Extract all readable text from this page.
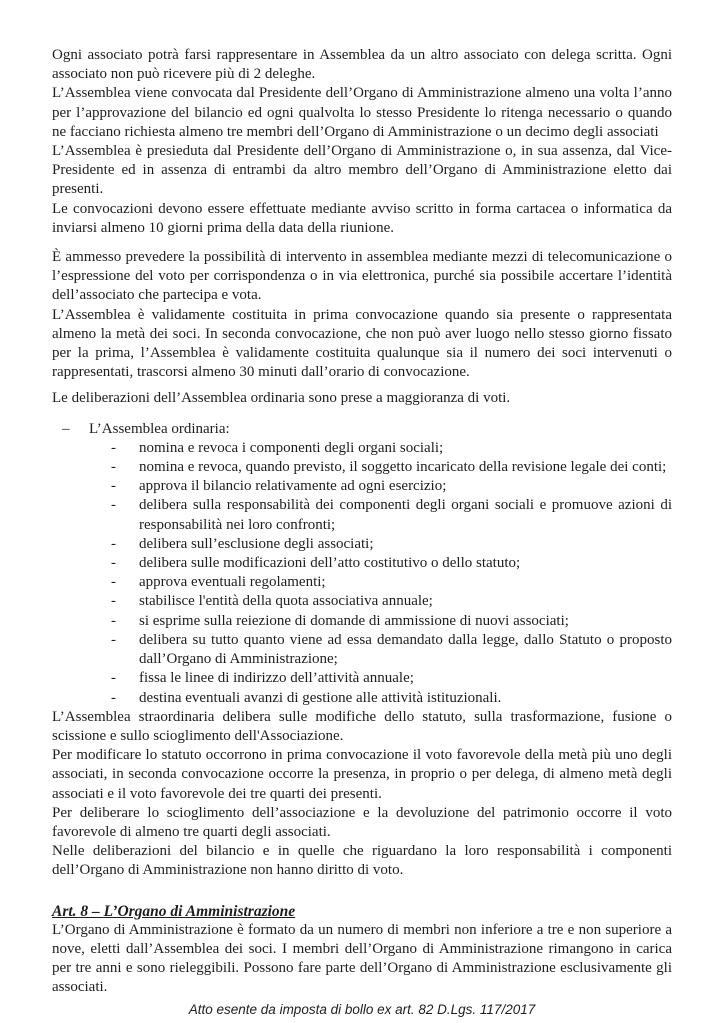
Ogni associato potrà farsi rappresentare in Assemblea da un altro associato con delega scritta. Ogni associato non può ricevere più di 2 deleghe.

L’Assemblea viene convocata dal Presidente dell’Organo di Amministrazione almeno una volta l’anno per l’approvazione del bilancio ed ogni qualvolta lo stesso Presidente lo ritenga necessario o quando ne facciano richiesta almeno tre membri dell’Organo di Amministrazione o un decimo degli associati

L’Assemblea è presieduta dal Presidente dell’Organo di Amministrazione o, in sua assenza, dal Vice-Presidente ed in assenza di entrambi da altro membro dell’Organo di Amministrazione eletto dai presenti.

Le convocazioni devono essere effettuate mediante avviso scritto in forma cartacea o informatica da inviarsi almeno 10 giorni prima della data della riunione.

È ammesso prevedere la possibilità di intervento in assemblea mediante mezzi di telecomunicazione o l’espressione del voto per corrispondenza o in via elettronica, purché sia possibile accertare l’identità dell’associato che partecipa e vota.

L’Assemblea è validamente costituita in prima convocazione quando sia presente o rappresentata almeno la metà dei soci. In seconda convocazione, che non può aver luogo nello stesso giorno fissato per la prima, l’Assemblea è validamente costituita qualunque sia il numero dei soci intervenuti o rappresentati, trascorsi almeno 30 minuti dall’orario di convocazione.

Le deliberazioni dell’Assemblea ordinaria sono prese a maggioranza di voti.

–	L’Assemblea ordinaria:
-	nomina e revoca i componenti degli organi sociali;
-	nomina e revoca, quando previsto, il soggetto incaricato della revisione legale dei conti;
-	approva il bilancio relativamente ad ogni esercizio;
-	delibera sulla responsabilità dei componenti degli organi sociali e promuove azioni di responsabilità nei loro confronti;
-	delibera sull’esclusione degli associati;
-	delibera sulle modificazioni dell’atto costitutivo o dello statuto;
-	approva eventuali regolamenti;
-	stabilisce l'entità della quota associativa annuale;
-	si esprime sulla reiezione di domande di ammissione di nuovi associati;
-	delibera su tutto quanto viene ad essa demandato dalla legge, dallo Statuto o proposto dall’Organo di Amministrazione;
-	fissa le linee di indirizzo dell’attività annuale;
-	destina eventuali avanzi di gestione alle attività istituzionali.

L’Assemblea straordinaria delibera sulle modifiche dello statuto, sulla trasformazione, fusione o scissione e sullo scioglimento dell'Associazione.

Per modificare lo statuto occorrono in prima convocazione il voto favorevole della metà più uno degli associati, in seconda convocazione occorre la presenza, in proprio o per delega, di almeno metà degli associati e il voto favorevole dei tre quarti dei presenti.

Per deliberare lo scioglimento dell’associazione e la devoluzione del patrimonio occorre il voto favorevole di almeno tre quarti degli associati.

Nelle deliberazioni del bilancio e in quelle che riguardano la loro responsabilità i componenti dell’Organo di Amministrazione non hanno diritto di voto.

Art. 8 – L’Organo di Amministrazione

L’Organo di Amministrazione è formato da un numero di membri non inferiore a tre e non superiore a nove, eletti dall’Assemblea dei soci. I membri dell’Organo di Amministrazione rimangono in carica per tre anni e sono rieleggibili. Possono fare parte dell’Organo di Amministrazione esclusivamente gli associati.

Atto esente da imposta di bollo ex art. 82 D.Lgs. 117/2017
